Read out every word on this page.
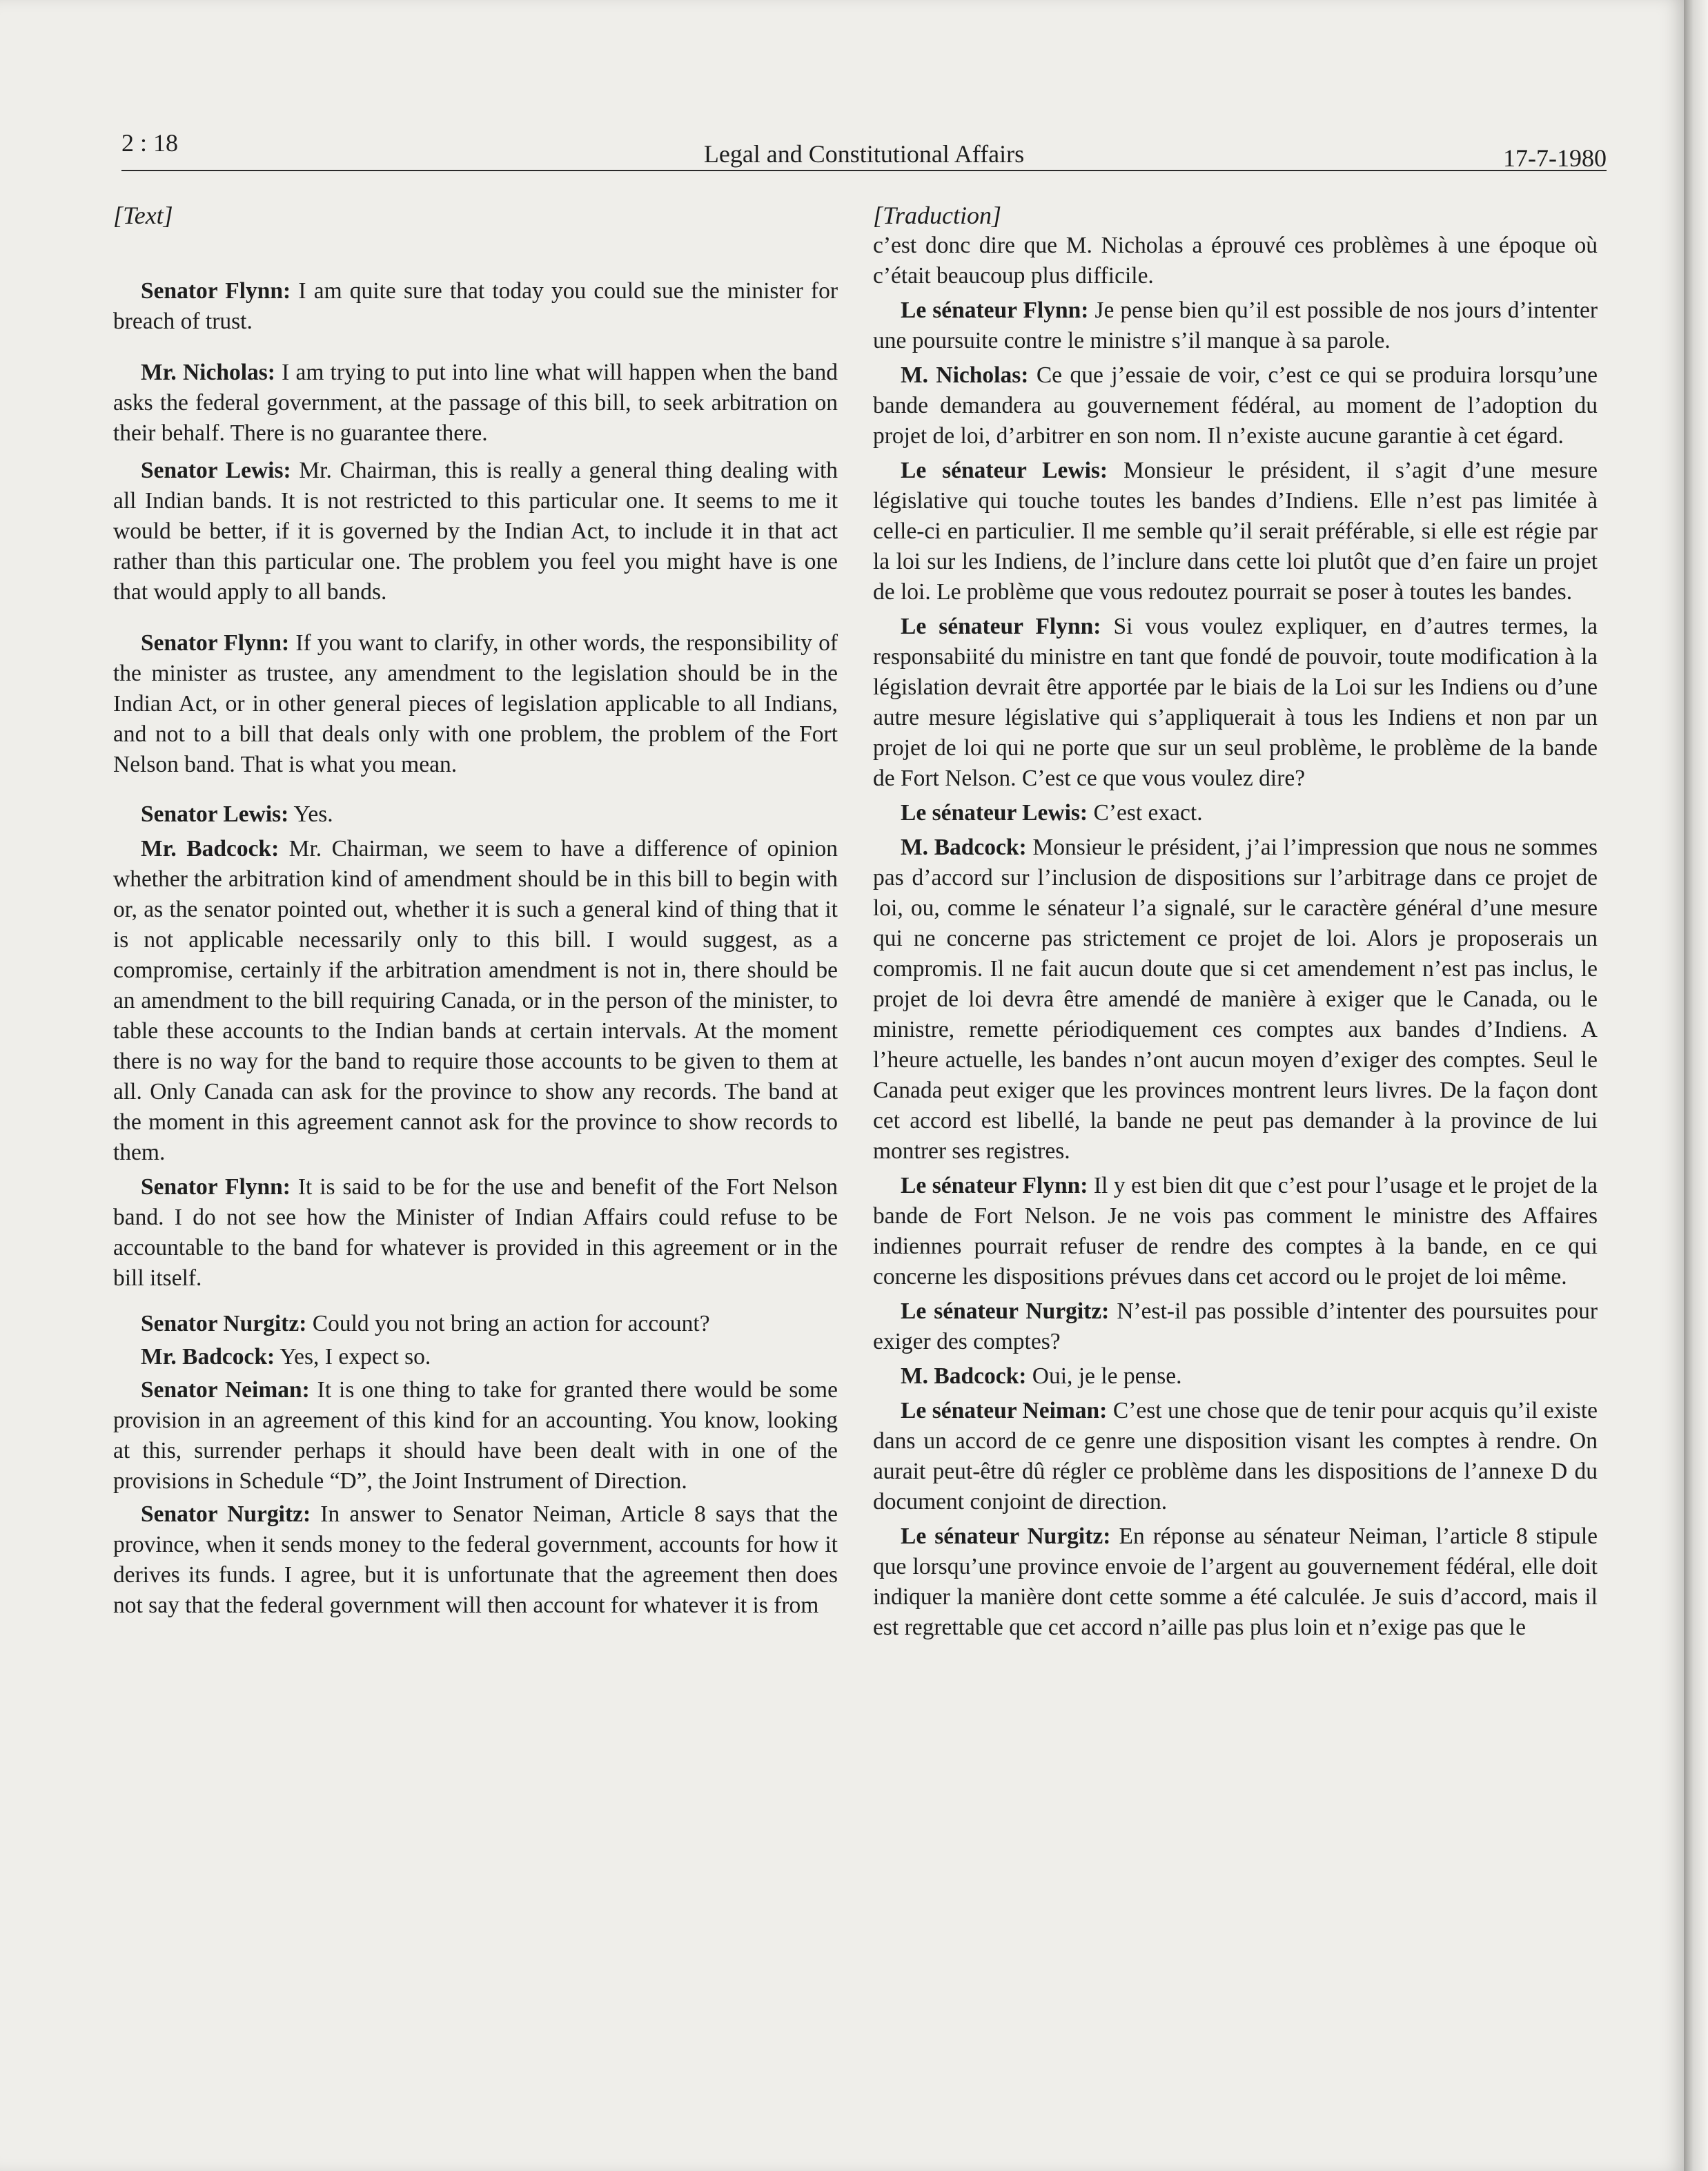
2 : 18	Legal and Constitutional Affairs	17-7-1980

[Text]

Senator Flynn: I am quite sure that today you could sue the minister for breach of trust.

Mr. Nicholas: I am trying to put into line what will happen when the band asks the federal government, at the passage of this bill, to seek arbitration on their behalf. There is no guarantee there.

Senator Lewis: Mr. Chairman, this is really a general thing dealing with all Indian bands. It is not restricted to this particular one. It seems to me it would be better, if it is governed by the Indian Act, to include it in that act rather than this particular one. The problem you feel you might have is one that would apply to all bands.

Senator Flynn: If you want to clarify, in other words, the responsibility of the minister as trustee, any amendment to the legislation should be in the Indian Act, or in other general pieces of legislation applicable to all Indians, and not to a bill that deals only with one problem, the problem of the Fort Nelson band. That is what you mean.

Senator Lewis: Yes.

Mr. Badcock: Mr. Chairman, we seem to have a difference of opinion whether the arbitration kind of amendment should be in this bill to begin with or, as the senator pointed out, whether it is such a general kind of thing that it is not applicable necessarily only to this bill. I would suggest, as a compromise, certainly if the arbitration amendment is not in, there should be an amendment to the bill requiring Canada, or in the person of the minister, to table these accounts to the Indian bands at certain intervals. At the moment there is no way for the band to require those accounts to be given to them at all. Only Canada can ask for the province to show any records. The band at the moment in this agreement cannot ask for the province to show records to them.

Senator Flynn: It is said to be for the use and benefit of the Fort Nelson band. I do not see how the Minister of Indian Affairs could refuse to be accountable to the band for whatever is provided in this agreement or in the bill itself.

Senator Nurgitz: Could you not bring an action for account?

Mr. Badcock: Yes, I expect so.

Senator Neiman: It is one thing to take for granted there would be some provision in an agreement of this kind for an accounting. You know, looking at this, surrender perhaps it should have been dealt with in one of the provisions in Schedule “D”, the Joint Instrument of Direction.

Senator Nurgitz: In answer to Senator Neiman, Article 8 says that the province, when it sends money to the federal government, accounts for how it derives its funds. I agree, but it is unfortunate that the agreement then does not say that the federal government will then account for whatever it is from

[Traduction]

c’est donc dire que M. Nicholas a éprouvé ces problèmes à une époque où c’était beaucoup plus difficile.

Le sénateur Flynn: Je pense bien qu’il est possible de nos jours d’intenter une poursuite contre le ministre s’il manque à sa parole.

M. Nicholas: Ce que j’essaie de voir, c’est ce qui se produira lorsqu’une bande demandera au gouvernement fédéral, au moment de l’adoption du projet de loi, d’arbitrer en son nom. Il n’existe aucune garantie à cet égard.

Le sénateur Lewis: Monsieur le président, il s’agit d’une mesure législative qui touche toutes les bandes d’Indiens. Elle n’est pas limitée à celle-ci en particulier. Il me semble qu’il serait préférable, si elle est régie par la loi sur les Indiens, de l’inclure dans cette loi plutôt que d’en faire un projet de loi. Le problème que vous redoutez pourrait se poser à toutes les bandes.

Le sénateur Flynn: Si vous voulez expliquer, en d’autres termes, la responsabiité du ministre en tant que fondé de pouvoir, toute modification à la législation devrait être apportée par le biais de la Loi sur les Indiens ou d’une autre mesure législative qui s’appliquerait à tous les Indiens et non par un projet de loi qui ne porte que sur un seul problème, le problème de la bande de Fort Nelson. C’est ce que vous voulez dire?

Le sénateur Lewis: C’est exact.

M. Badcock: Monsieur le président, j’ai l’impression que nous ne sommes pas d’accord sur l’inclusion de dispositions sur l’arbitrage dans ce projet de loi, ou, comme le sénateur l’a signalé, sur le caractère général d’une mesure qui ne concerne pas strictement ce projet de loi. Alors je proposerais un compromis. Il ne fait aucun doute que si cet amendement n’est pas inclus, le projet de loi devra être amendé de manière à exiger que le Canada, ou le ministre, remette périodiquement ces comptes aux bandes d’Indiens. A l’heure actuelle, les bandes n’ont aucun moyen d’exiger des comptes. Seul le Canada peut exiger que les provinces montrent leurs livres. De la façon dont cet accord est libellé, la bande ne peut pas demander à la province de lui montrer ses registres.

Le sénateur Flynn: Il y est bien dit que c’est pour l’usage et le projet de la bande de Fort Nelson. Je ne vois pas comment le ministre des Affaires indiennes pourrait refuser de rendre des comptes à la bande, en ce qui concerne les dispositions prévues dans cet accord ou le projet de loi même.

Le sénateur Nurgitz: N’est-il pas possible d’intenter des poursuites pour exiger des comptes?

M. Badcock: Oui, je le pense.

Le sénateur Neiman: C’est une chose que de tenir pour acquis qu’il existe dans un accord de ce genre une disposition visant les comptes à rendre. On aurait peut-être dû régler ce problème dans les dispositions de l’annexe D du document conjoint de direction.

Le sénateur Nurgitz: En réponse au sénateur Neiman, l’article 8 stipule que lorsqu’une province envoie de l’argent au gouvernement fédéral, elle doit indiquer la manière dont cette somme a été calculée. Je suis d’accord, mais il est regrettable que cet accord n’aille pas plus loin et n’exige pas que le
